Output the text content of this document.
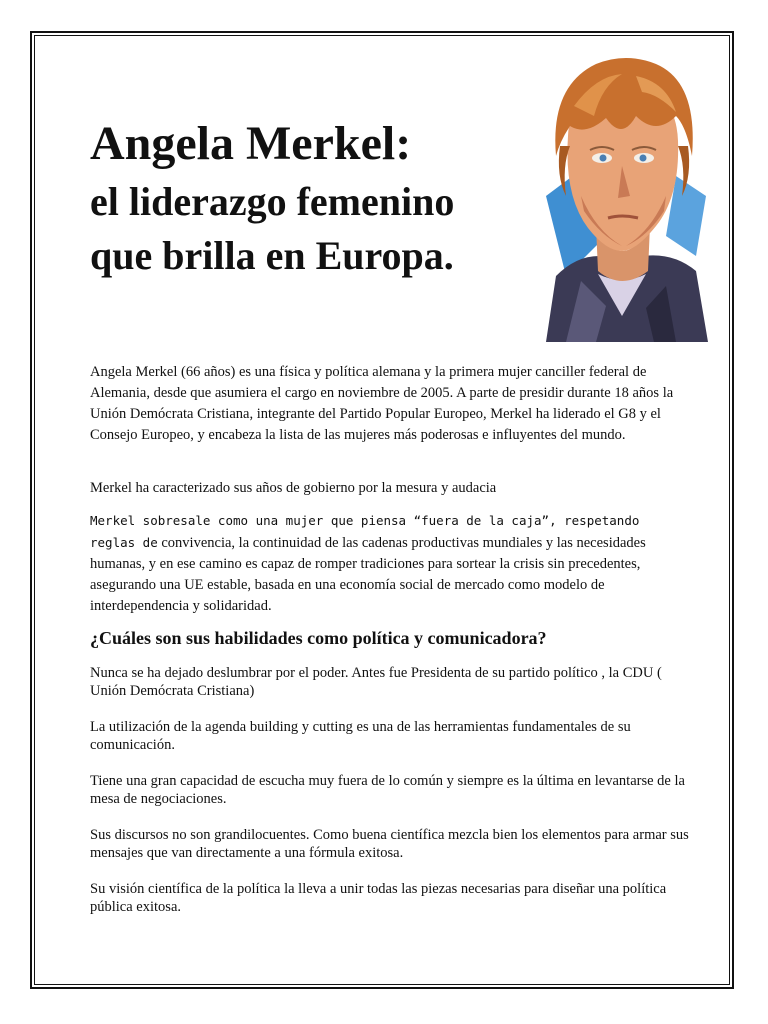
Angela Merkel:
el liderazgo femenino
que brilla en Europa.

Angela Merkel (66 años) es una física y política alemana y la primera mujer canciller federal de Alemania, desde que asumiera el cargo en noviembre de 2005. A parte de presidir durante 18 años la Unión Demócrata Cristiana, integrante del Partido Popular Europeo, Merkel ha liderado el G8 y el Consejo Europeo, y encabeza la lista de las mujeres más poderosas e influyentes del mundo.

Merkel ha caracterizado sus años de gobierno por la mesura y audacia

Merkel sobresale como una mujer que piensa “fuera de la caja”, respetando reglas de convivencia, la continuidad de las cadenas productivas mundiales y las necesidades humanas, y en ese camino es capaz de romper tradiciones para sortear la crisis sin precedentes, asegurando una UE estable, basada en una economía social de mercado como modelo de interdependencia y solidaridad.

¿Cuáles son sus habilidades como política y comunicadora?

Nunca se ha dejado deslumbrar por el poder. Antes fue Presidenta de su partido político , la CDU ( Unión Demócrata Cristiana)

La utilización de la agenda building y cutting es una de las herramientas fundamentales de su comunicación.

Tiene una gran capacidad de escucha muy fuera de lo común y siempre es la última en levantarse de la mesa de negociaciones.

Sus discursos no son grandilocuentes. Como buena científica mezcla bien los elementos para armar sus mensajes que van directamente a una fórmula exitosa.

Su visión científica de la política la lleva a unir todas las piezas necesarias para diseñar una política pública exitosa.
